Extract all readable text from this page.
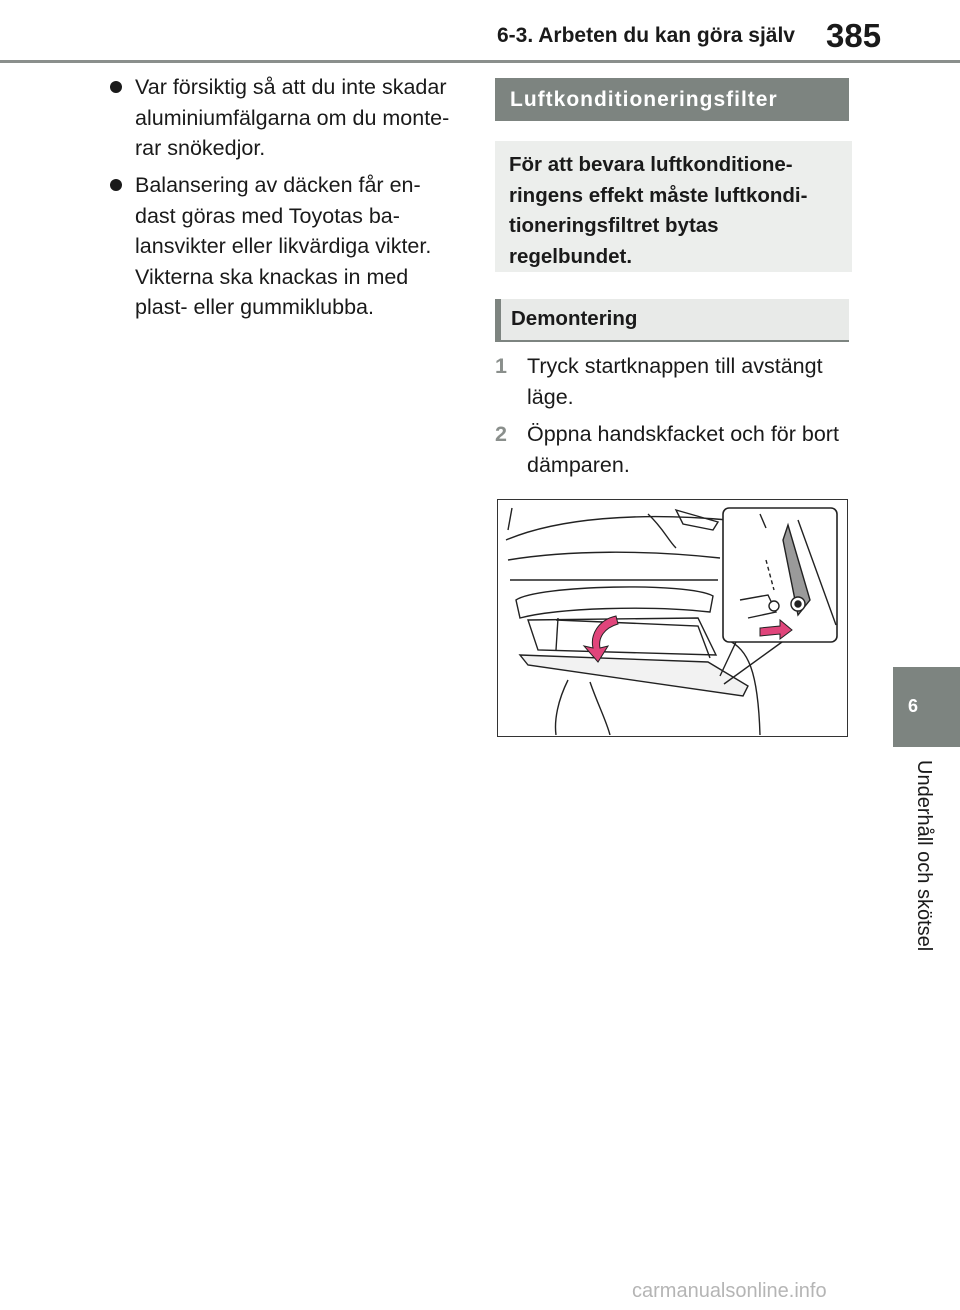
6-3. Arbeten du kan göra själv 385
6
Underhåll och skötsel
Var försiktig så att du inte skadar aluminiumfälgarna om du monte-rar snökedjor.
Balansering av däcken får en-dast göras med Toyotas ba-lansvikter eller likvärdiga vikter. Vikterna ska knackas in med plast- eller gummiklubba.
Luftkonditioneringsfilter
För att bevara luftkonditione-ringens effekt måste luftkondi-tioneringsfiltret bytas regelbundet.
Demontering
1 Tryck startknappen till avstängt läge.
2 Öppna handskfacket och för bort dämparen.
carmanualsonline.info
